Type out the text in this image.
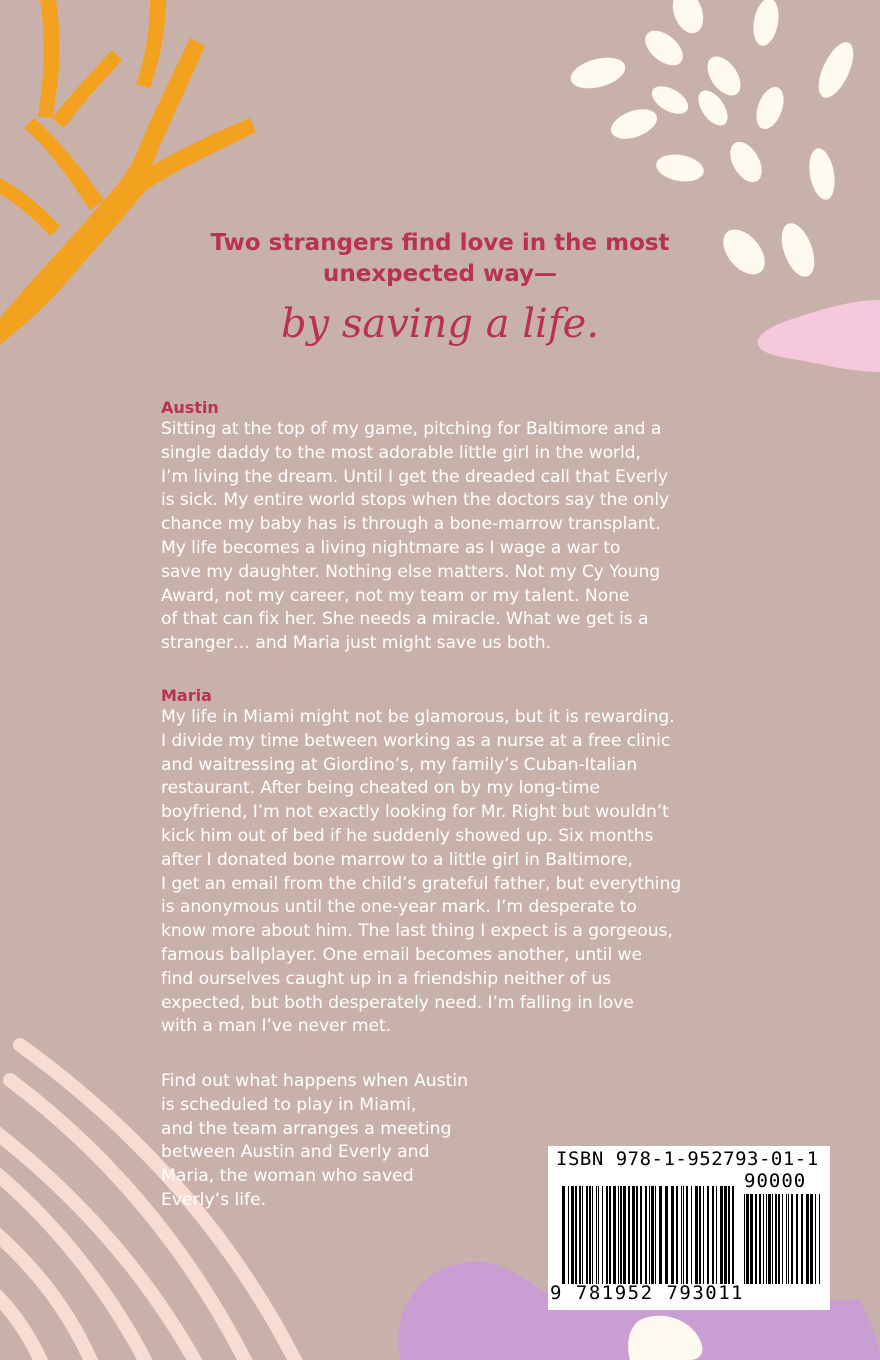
Two strangers find love in the most
unexpected way—
by saving a life.
Austin

Sitting at the top of my game, pitching for Baltimore and a
single daddy to the most adorable little girl in the world,
I’m living the dream. Until I get the dreaded call that Everly
is sick. My entire world stops when the doctors say the only
chance my baby has is through a bone-marrow transplant.
My life becomes a living nightmare as I wage a war to
save my daughter. Nothing else matters. Not my Cy Young
Award, not my career, not my team or my talent. None
of that can fix her. She needs a miracle. What we get is a
stranger… and Maria just might save us both.

Maria

My life in Miami might not be glamorous, but it is rewarding.
I divide my time between working as a nurse at a free clinic
and waitressing at Giordino’s, my family’s Cuban-Italian
restaurant. After being cheated on by my long-time
boyfriend, I’m not exactly looking for Mr. Right but wouldn’t
kick him out of bed if he suddenly showed up. Six months
after I donated bone marrow to a little girl in Baltimore,
I get an email from the child’s grateful father, but everything
is anonymous until the one-year mark. I’m desperate to
know more about him. The last thing I expect is a gorgeous,
famous ballplayer. One email becomes another, until we
find ourselves caught up in a friendship neither of us
expected, but both desperately need. I’m falling in love
with a man I’ve never met.

Find out what happens when Austin
is scheduled to play in Miami,
and the team arranges a meeting
between Austin and Everly and
Maria, the woman who saved
Everly’s life.

ISBN 978-1-952793-01-1
90000
9 781952 793011
